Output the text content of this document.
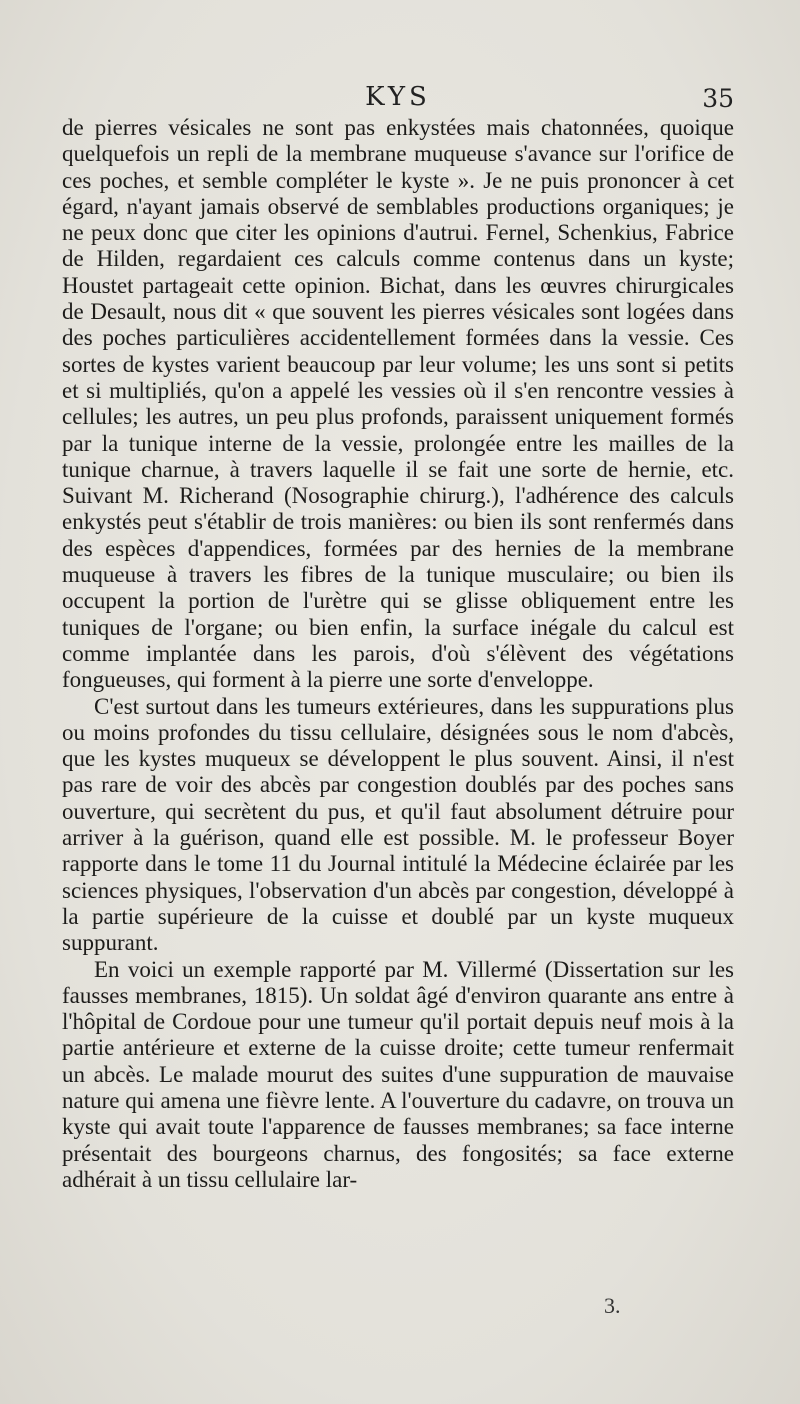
KYS	35

de pierres vésicales ne sont pas enkystées mais chatonnées, quoique quelquefois un repli de la membrane muqueuse s'avance sur l'orifice de ces poches, et semble compléter le kyste ». Je ne puis prononcer à cet égard, n'ayant jamais observé de semblables productions organiques; je ne peux donc que citer les opinions d'autrui. Fernel, Schenkius, Fabrice de Hilden, regardaient ces calculs comme contenus dans un kyste; Houstet partageait cette opinion. Bichat, dans les œuvres chirurgicales de Desault, nous dit « que souvent les pierres vésicales sont logées dans des poches particulières accidentellement formées dans la vessie. Ces sortes de kystes varient beaucoup par leur volume; les uns sont si petits et si multipliés, qu'on a appelé les vessies où il s'en rencontre vessies à cellules; les autres, un peu plus profonds, paraissent uniquement formés par la tunique interne de la vessie, prolongée entre les mailles de la tunique charnue, à travers laquelle il se fait une sorte de hernie, etc. Suivant M. Richerand (Nosographie chirurg.), l'adhérence des calculs enkystés peut s'établir de trois manières: ou bien ils sont renfermés dans des espèces d'appendices, formées par des hernies de la membrane muqueuse à travers les fibres de la tunique musculaire; ou bien ils occupent la portion de l'urètre qui se glisse obliquement entre les tuniques de l'organe; ou bien enfin, la surface inégale du calcul est comme implantée dans les parois, d'où s'élèvent des végétations fongueuses, qui forment à la pierre une sorte d'enveloppe.

C'est surtout dans les tumeurs extérieures, dans les suppurations plus ou moins profondes du tissu cellulaire, désignées sous le nom d'abcès, que les kystes muqueux se développent le plus souvent. Ainsi, il n'est pas rare de voir des abcès par congestion doublés par des poches sans ouverture, qui secrètent du pus, et qu'il faut absolument détruire pour arriver à la guérison, quand elle est possible. M. le professeur Boyer rapporte dans le tome 11 du Journal intitulé la Médecine éclairée par les sciences physiques, l'observation d'un abcès par congestion, développé à la partie supérieure de la cuisse et doublé par un kyste muqueux suppurant.

En voici un exemple rapporté par M. Villermé (Dissertation sur les fausses membranes, 1815). Un soldat âgé d'environ quarante ans entre à l'hôpital de Cordoue pour une tumeur qu'il portait depuis neuf mois à la partie antérieure et externe de la cuisse droite; cette tumeur renfermait un abcès. Le malade mourut des suites d'une suppuration de mauvaise nature qui amena une fièvre lente. A l'ouverture du cadavre, on trouva un kyste qui avait toute l'apparence de fausses membranes; sa face interne présentait des bourgeons charnus, des fongosités; sa face externe adhérait à un tissu cellulaire lar-

3.
